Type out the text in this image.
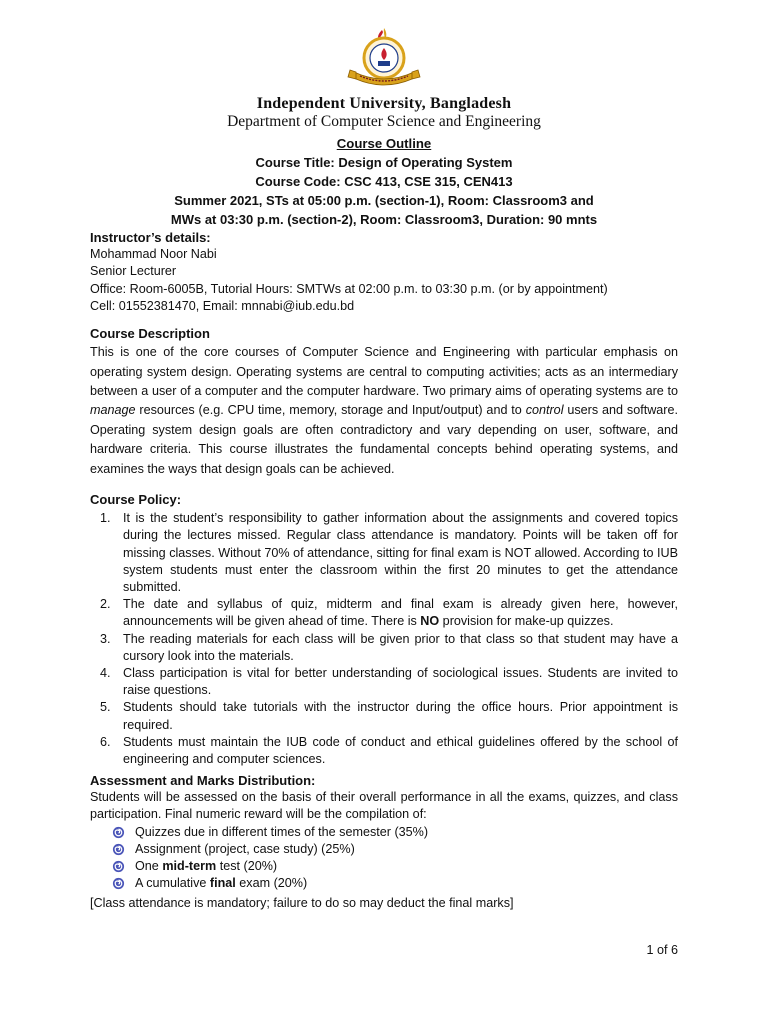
Independent University, Bangladesh
Department of Computer Science and Engineering
Course Outline
Course Title: Design of Operating System
Course Code: CSC 413, CSE 315, CEN413
Summer 2021, STs at 05:00 p.m. (section-1), Room: Classroom3 and
MWs at 03:30 p.m. (section-2), Room: Classroom3, Duration: 90 mnts
Instructor’s details:
Mohammad Noor Nabi
Senior Lecturer
Office: Room-6005B, Tutorial Hours: SMTWs at 02:00 p.m. to 03:30 p.m. (or by appointment)
Cell: 01552381470, Email: mnnabi@iub.edu.bd
Course Description
This is one of the core courses of Computer Science and Engineering with particular emphasis on operating system design. Operating systems are central to computing activities; acts as an intermediary between a user of a computer and the computer hardware. Two primary aims of operating systems are to manage resources (e.g. CPU time, memory, storage and Input/output) and to control users and software. Operating system design goals are often contradictory and vary depending on user, software, and hardware criteria. This course illustrates the fundamental concepts behind operating systems, and examines the ways that design goals can be achieved.
Course Policy:
1. It is the student’s responsibility to gather information about the assignments and covered topics during the lectures missed. Regular class attendance is mandatory. Points will be taken off for missing classes. Without 70% of attendance, sitting for final exam is NOT allowed. According to IUB system students must enter the classroom within the first 20 minutes to get the attendance submitted.
2. The date and syllabus of quiz, midterm and final exam is already given here, however, announcements will be given ahead of time. There is NO provision for make-up quizzes.
3. The reading materials for each class will be given prior to that class so that student may have a cursory look into the materials.
4. Class participation is vital for better understanding of sociological issues. Students are invited to raise questions.
5. Students should take tutorials with the instructor during the office hours. Prior appointment is required.
6. Students must maintain the IUB code of conduct and ethical guidelines offered by the school of engineering and computer sciences.
Assessment and Marks Distribution:
Students will be assessed on the basis of their overall performance in all the exams, quizzes, and class participation. Final numeric reward will be the compilation of:
Quizzes due in different times of the semester (35%)
Assignment (project, case study) (25%)
One mid-term test (20%)
A cumulative final exam (20%)
[Class attendance is mandatory; failure to do so may deduct the final marks]
1 of 6
